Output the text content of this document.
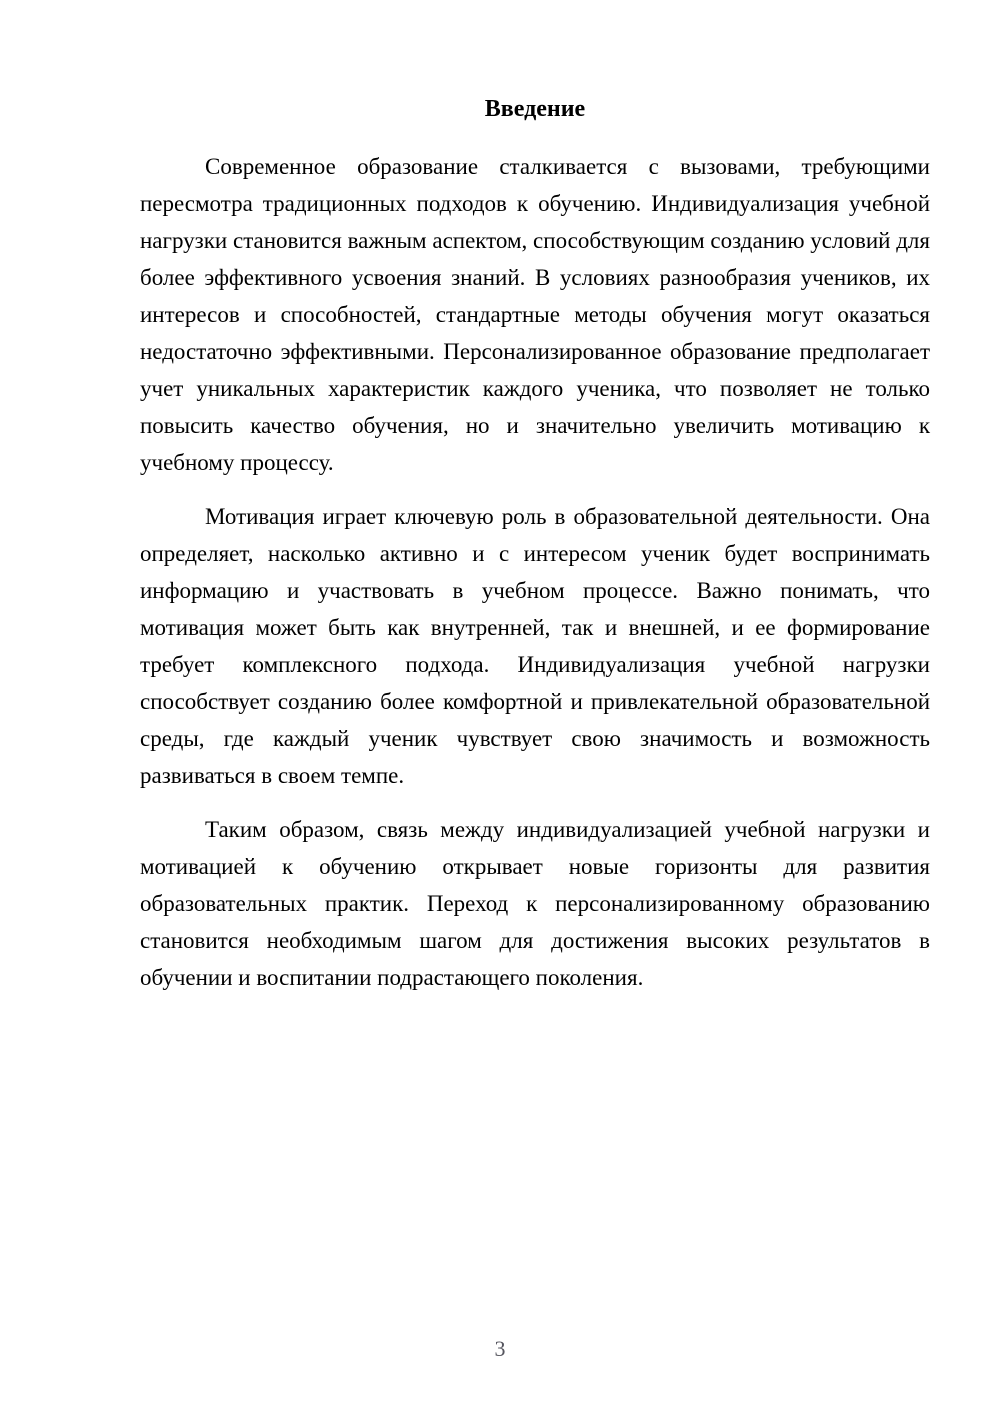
Введение

Современное образование сталкивается с вызовами, требующими пересмотра традиционных подходов к обучению. Индивидуализация учебной нагрузки становится важным аспектом, способствующим созданию условий для более эффективного усвоения знаний. В условиях разнообразия учеников, их интересов и способностей, стандартные методы обучения могут оказаться недостаточно эффективными. Персонализированное образование предполагает учет уникальных характеристик каждого ученика, что позволяет не только повысить качество обучения, но и значительно увеличить мотивацию к учебному процессу.

Мотивация играет ключевую роль в образовательной деятельности. Она определяет, насколько активно и с интересом ученик будет воспринимать информацию и участвовать в учебном процессе. Важно понимать, что мотивация может быть как внутренней, так и внешней, и ее формирование требует комплексного подхода. Индивидуализация учебной нагрузки способствует созданию более комфортной и привлекательной образовательной среды, где каждый ученик чувствует свою значимость и возможность развиваться в своем темпе.

Таким образом, связь между индивидуализацией учебной нагрузки и мотивацией к обучению открывает новые горизонты для развития образовательных практик. Переход к персонализированному образованию становится необходимым шагом для достижения высоких результатов в обучении и воспитании подрастающего поколения.

3
